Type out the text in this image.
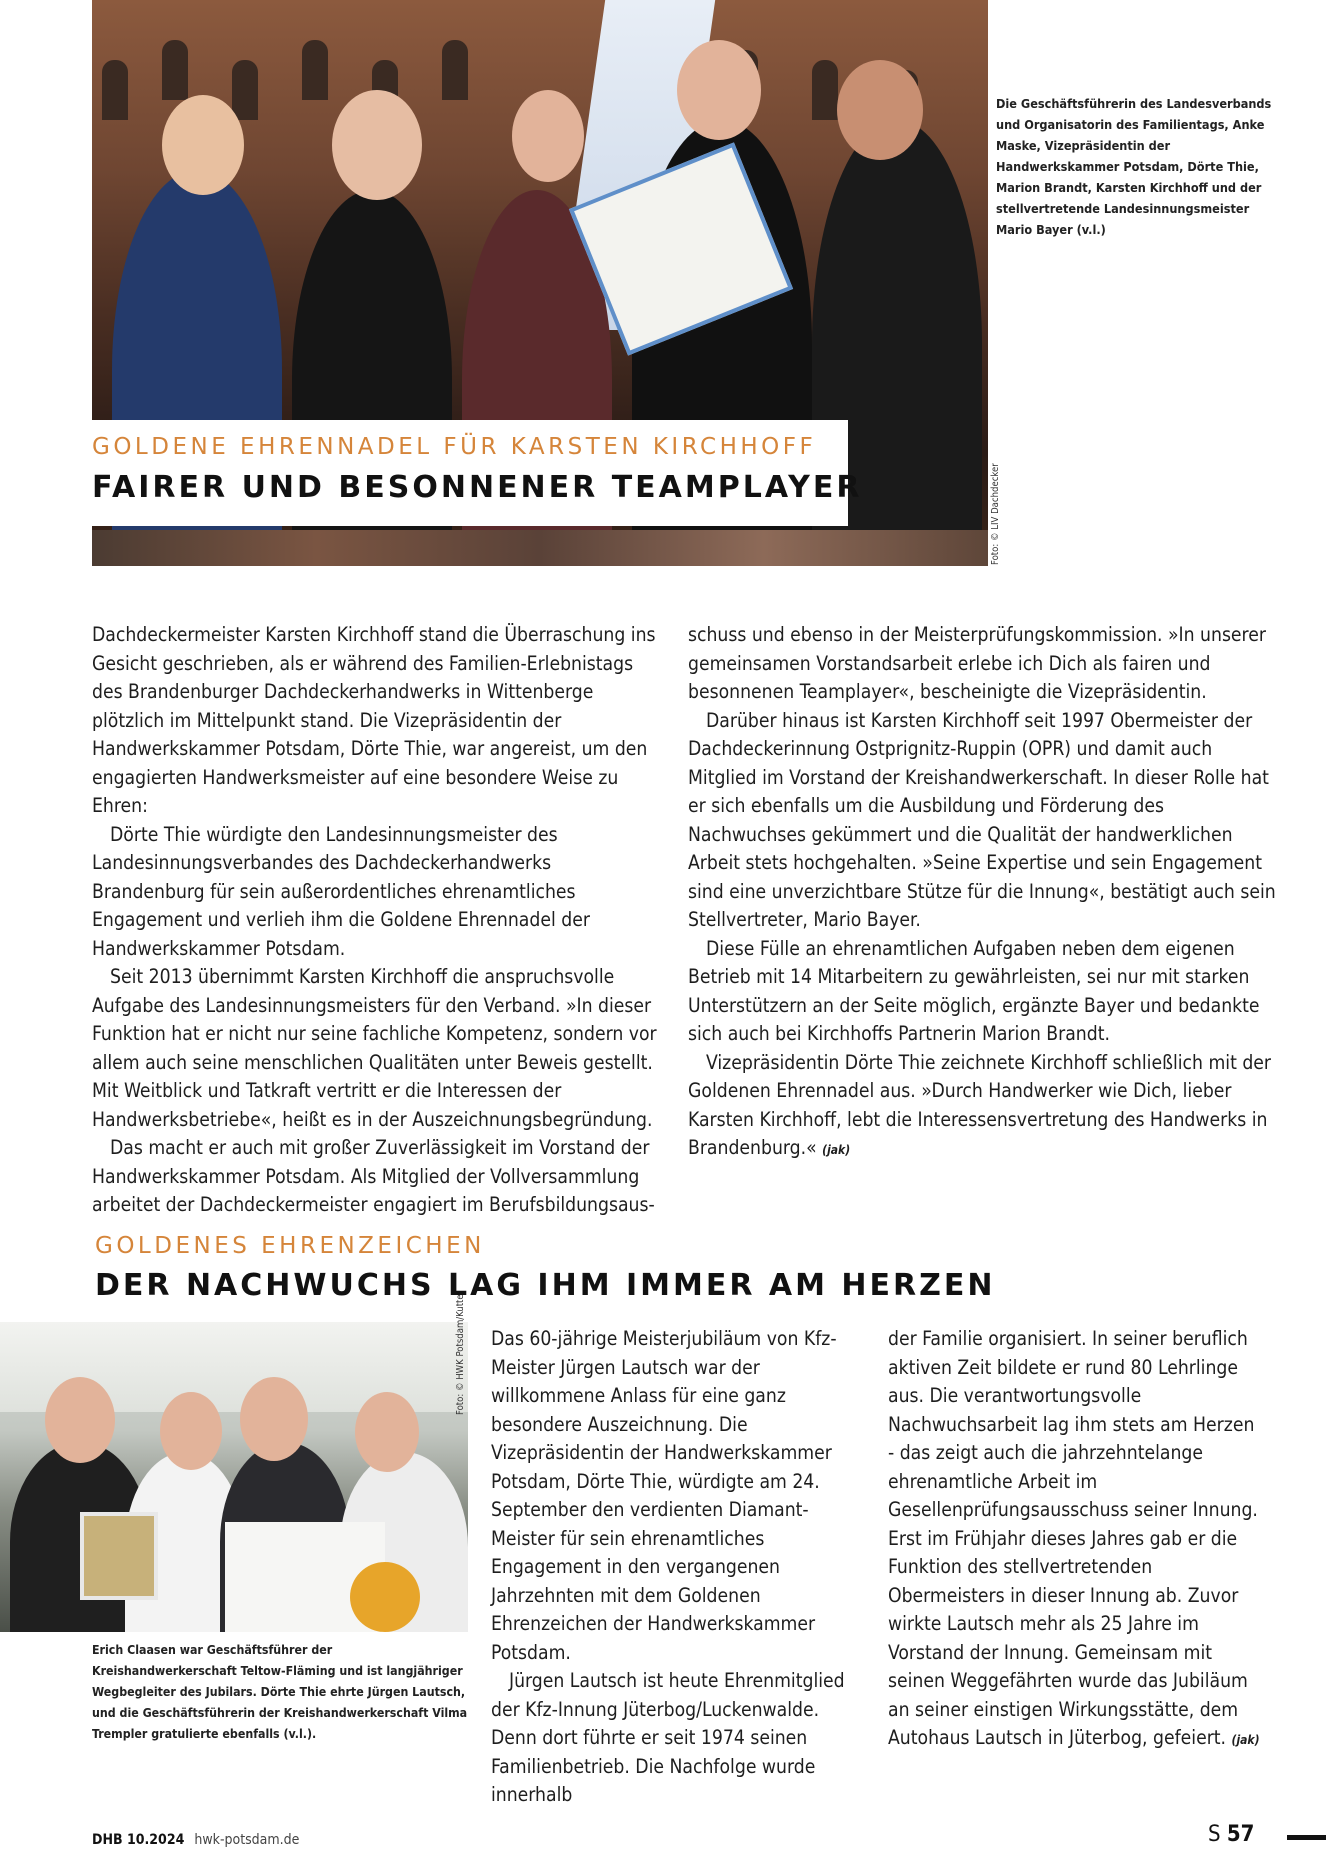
GOLDENE EHRENNADEL FÜR KARSTEN KIRCHHOFF
FAIRER UND BESONNENER TEAMPLAYER
Die Geschäftsführerin des Landesverbands und Organisatorin des Familientags, Anke Maske, Vizepräsidentin der Handwerkskammer Potsdam, Dörte Thie, Marion Brandt, Karsten Kirchhoff und der stellvertretende Landesinnungsmeister Mario Bayer (v.l.)
Foto: © LIV Dachdecker

Dachdeckermeister Karsten Kirchhoff stand die Überraschung ins Gesicht geschrieben, als er während des Familien-Erlebnistags des Brandenburger Dachdeckerhandwerks in Wittenberge plötzlich im Mittelpunkt stand. Die Vizepräsidentin der Handwerkskammer Potsdam, Dörte Thie, war angereist, um den engagierten Handwerksmeister auf eine besondere Weise zu Ehren:

Dörte Thie würdigte den Landesinnungsmeister des Landesinnungsverbandes des Dachdeckerhandwerks Brandenburg für sein außerordentliches ehrenamtliches Engagement und verlieh ihm die Goldene Ehrennadel der Handwerkskammer Potsdam.

Seit 2013 übernimmt Karsten Kirchhoff die anspruchsvolle Aufgabe des Landesinnungsmeisters für den Verband. »In dieser Funktion hat er nicht nur seine fachliche Kompetenz, sondern vor allem auch seine menschlichen Qualitäten unter Beweis gestellt. Mit Weitblick und Tatkraft vertritt er die Interessen der Handwerksbetriebe«, heißt es in der Auszeichnungsbegründung.

Das macht er auch mit großer Zuverlässigkeit im Vorstand der Handwerkskammer Potsdam. Als Mitglied der Vollversammlung arbeitet der Dachdeckermeister engagiert im Berufsbildungsaus-

schuss und ebenso in der Meisterprüfungskommission. »In unserer gemeinsamen Vorstandsarbeit erlebe ich Dich als fairen und besonnenen Teamplayer«, bescheinigte die Vizepräsidentin.

Darüber hinaus ist Karsten Kirchhoff seit 1997 Obermeister der Dachdeckerinnung Ostprignitz-Ruppin (OPR) und damit auch Mitglied im Vorstand der Kreishandwerkerschaft. In dieser Rolle hat er sich ebenfalls um die Ausbildung und Förderung des Nachwuchses gekümmert und die Qualität der handwerklichen Arbeit stets hochgehalten. »Seine Expertise und sein Engagement sind eine unverzichtbare Stütze für die Innung«, bestätigt auch sein Stellvertreter, Mario Bayer.

Diese Fülle an ehrenamtlichen Aufgaben neben dem eigenen Betrieb mit 14 Mitarbeitern zu gewährleisten, sei nur mit starken Unterstützern an der Seite möglich, ergänzte Bayer und bedankte sich auch bei Kirchhoffs Partnerin Marion Brandt.

Vizepräsidentin Dörte Thie zeichnete Kirchhoff schließlich mit der Goldenen Ehrennadel aus. »Durch Handwerker wie Dich, lieber Karsten Kirchhoff, lebt die Interessensvertretung des Handwerks in Brandenburg.« (jak)

GOLDENES EHRENZEICHEN
DER NACHWUCHS LAG IHM IMMER AM HERZEN
Foto: © HWK Potsdam/Kutte
Erich Claasen war Geschäftsführer der Kreishandwerkerschaft Teltow-Fläming und ist langjähriger Wegbegleiter des Jubilars. Dörte Thie ehrte Jürgen Lautsch, und die Geschäftsführerin der Kreishandwerkerschaft Vilma Trempler gratulierte ebenfalls (v.l.).

Das 60-jährige Meisterjubiläum von Kfz-Meister Jürgen Lautsch war der willkommene Anlass für eine ganz besondere Auszeichnung. Die Vizepräsidentin der Handwerkskammer Potsdam, Dörte Thie, würdigte am 24. September den verdienten Diamant-Meister für sein ehrenamtliches Engagement in den vergangenen Jahrzehnten mit dem Goldenen Ehrenzeichen der Handwerkskammer Potsdam.

Jürgen Lautsch ist heute Ehrenmitglied der Kfz-Innung Jüterbog/Luckenwalde. Denn dort führte er seit 1974 seinen Familienbetrieb. Die Nachfolge wurde innerhalb

der Familie organisiert. In seiner beruflich aktiven Zeit bildete er rund 80 Lehrlinge aus. Die verantwortungsvolle Nachwuchsarbeit lag ihm stets am Herzen - das zeigt auch die jahrzehntelange ehrenamtliche Arbeit im Gesellenprüfungsausschuss seiner Innung. Erst im Frühjahr dieses Jahres gab er die Funktion des stellvertretenden Obermeisters in dieser Innung ab. Zuvor wirkte Lautsch mehr als 25 Jahre im Vorstand der Innung. Gemeinsam mit seinen Weggefährten wurde das Jubiläum an seiner einstigen Wirkungsstätte, dem Autohaus Lautsch in Jüterbog, gefeiert. (jak)

DHB 10.2024 hwk-potsdam.de	S 57
